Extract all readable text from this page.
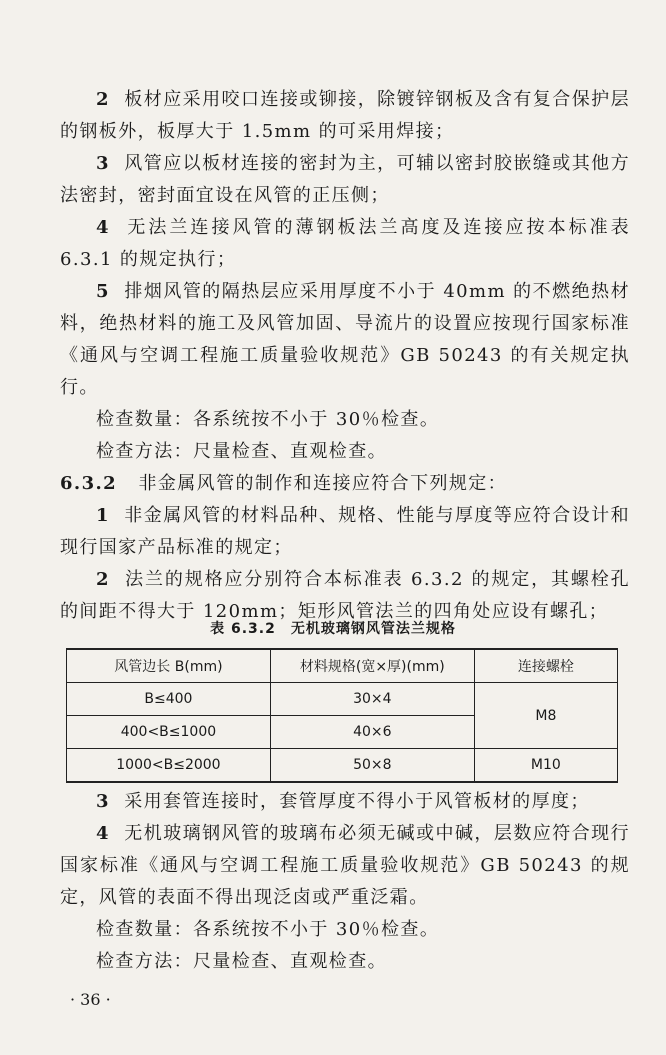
2 板材应采用咬口连接或铆接，除镀锌钢板及含有复合保护层的钢板外，板厚大于 1.5mm 的可采用焊接；

3 风管应以板材连接的密封为主，可辅以密封胶嵌缝或其他方法密封，密封面宜设在风管的正压侧；

4 无法兰连接风管的薄钢板法兰高度及连接应按本标准表 6.3.1 的规定执行；

5 排烟风管的隔热层应采用厚度不小于 40mm 的不燃绝热材料，绝热材料的施工及风管加固、导流片的设置应按现行国家标准《通风与空调工程施工质量验收规范》GB 50243 的有关规定执行。

检查数量：各系统按不小于 30％检查。

检查方法：尺量检查、直观检查。

6.3.2 非金属风管的制作和连接应符合下列规定：

1 非金属风管的材料品种、规格、性能与厚度等应符合设计和现行国家产品标准的规定；

2 法兰的规格应分别符合本标准表 6.3.2 的规定，其螺栓孔的间距不得大于 120mm；矩形风管法兰的四角处应设有螺孔；

表 6.3.2　无机玻璃钢风管法兰规格
风管边长 B(mm)	材料规格(宽×厚)(mm)	连接螺栓
B≤400	30×4	M8
400<B≤1000	40×6	
1000<B≤2000	50×8	M10

3 采用套管连接时，套管厚度不得小于风管板材的厚度；

4 无机玻璃钢风管的玻璃布必须无碱或中碱，层数应符合现行国家标准《通风与空调工程施工质量验收规范》GB 50243 的规定，风管的表面不得出现泛卤或严重泛霜。

检查数量：各系统按不小于 30％检查。

检查方法：尺量检查、直观检查。

· 36 ·
